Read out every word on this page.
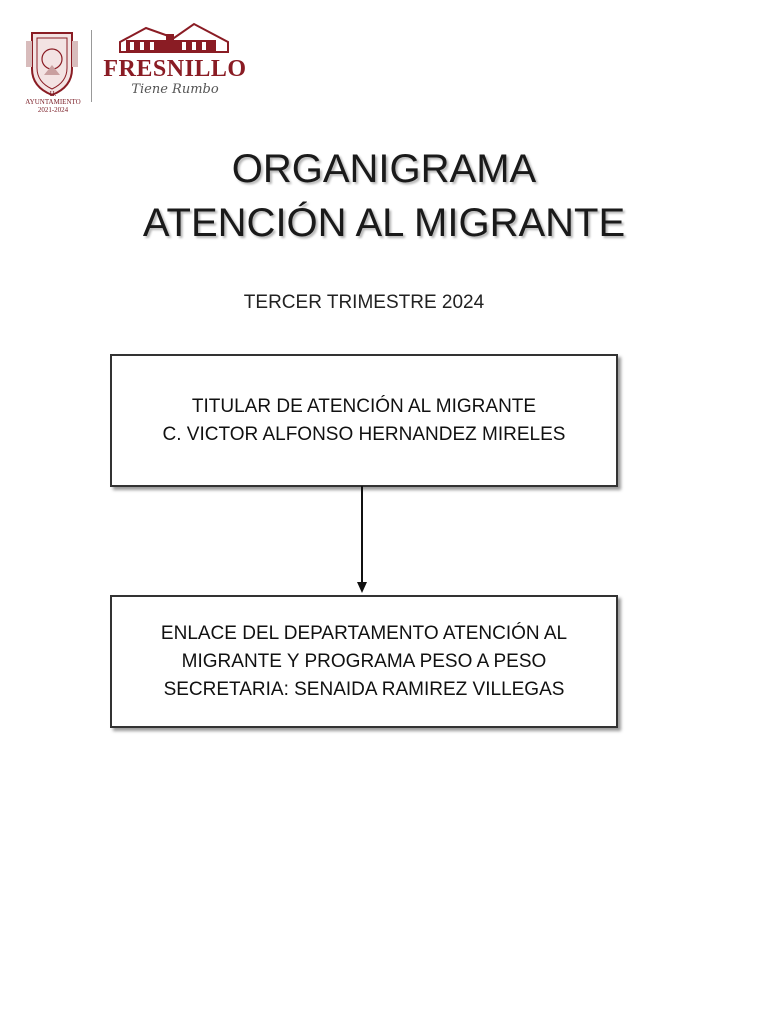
H. AYUNTAMIENTO
2021-2024
FRESNILLO
Tiene Rumbo
ORGANIGRAMA
ATENCIÓN AL MIGRANTE
TERCER TRIMESTRE 2024
TITULAR DE ATENCIÓN AL MIGRANTE
C. VICTOR ALFONSO HERNANDEZ MIRELES
ENLACE DEL DEPARTAMENTO ATENCIÓN AL
MIGRANTE Y PROGRAMA PESO A PESO
SECRETARIA: SENAIDA RAMIREZ VILLEGAS
